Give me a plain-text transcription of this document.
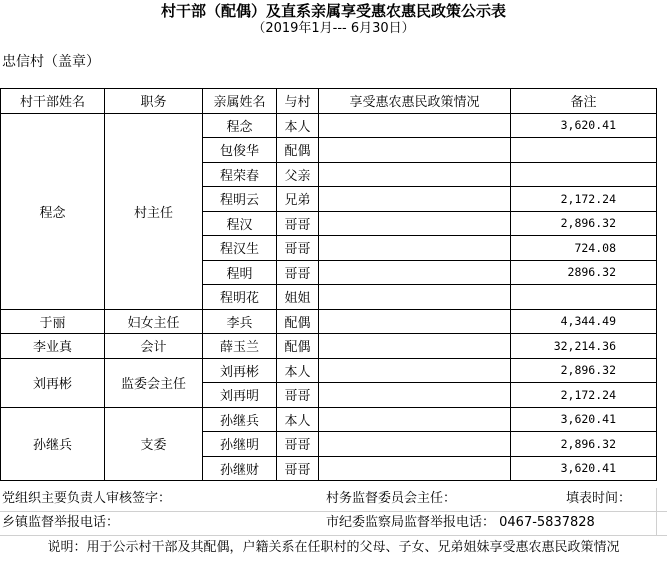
村干部（配偶）及直系亲属享受惠农惠民政策公示表
（2019年1月--- 6月30日）
忠信村（盖章）
村干部姓名	职务	亲属姓名	与村	享受惠农惠民政策情况	备注
程念	村主任	程念	本人		3,620.41
		包俊华	配偶		
		程荣春	父亲		
		程明云	兄弟		2,172.24
		程汉	哥哥		2,896.32
		程汉生	哥哥		724.08
		程明	哥哥		2896.32
		程明花	姐姐		
于丽	妇女主任	李兵	配偶		4,344.49
李业真	会计	薛玉兰	配偶		32,214.36
刘再彬	监委会主任	刘再彬	本人		2,896.32
		刘再明	哥哥		2,172.24
孙继兵	支委	孙继兵	本人		3,620.41
		孙继明	哥哥		2,896.32
		孙继财	哥哥		3,620.41
党组织主要负责人审核签字：	村务监督委员会主任：	填表时间：
乡镇监督举报电话：	市纪委监察局监督举报电话： 0467-5837828
说明：用于公示村干部及其配偶，户籍关系在任职村的父母、子女、兄弟姐妹享受惠农惠民政策情况
